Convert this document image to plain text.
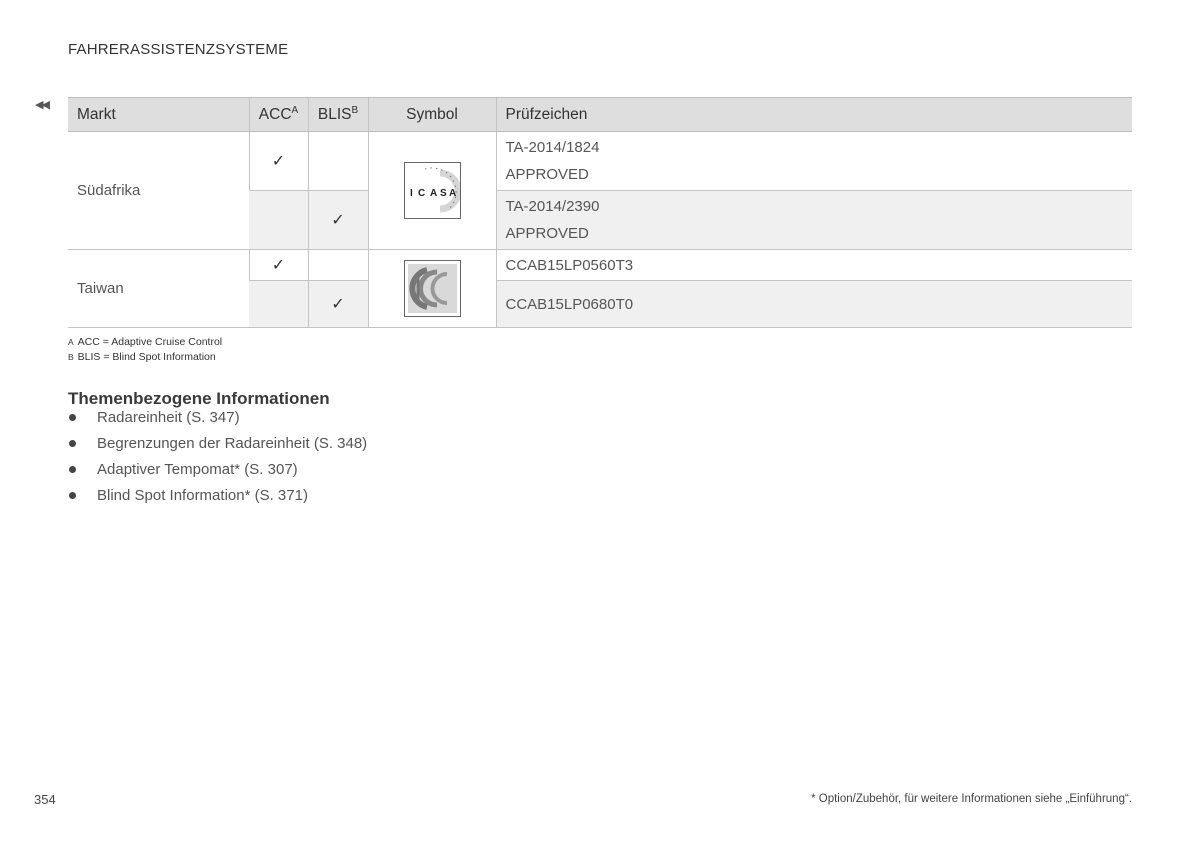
FAHRERASSISTENZSYSTEME
◀◀
Markt	$ACC^A$	$BLIS^B$	Symbol	Prüfzeichen
Südafrika	✓		I C A S A	TA-2014/1824
APPROVED

		✓		TA-2014/2390
APPROVED

Taiwan	✓			CCAB15LP0560T3

		✓		CCAB15LP0680T0
A ACC = Adaptive Cruise Control
B BLIS = Blind Spot Information
Themenbezogene Informationen
Radareinheit (S. 347)
Begrenzungen der Radareinheit (S. 348)
Adaptiver Tempomat* (S. 307)
Blind Spot Information* (S. 371)
354	* Option/Zubehör, für weitere Informationen siehe „Einführung“.
